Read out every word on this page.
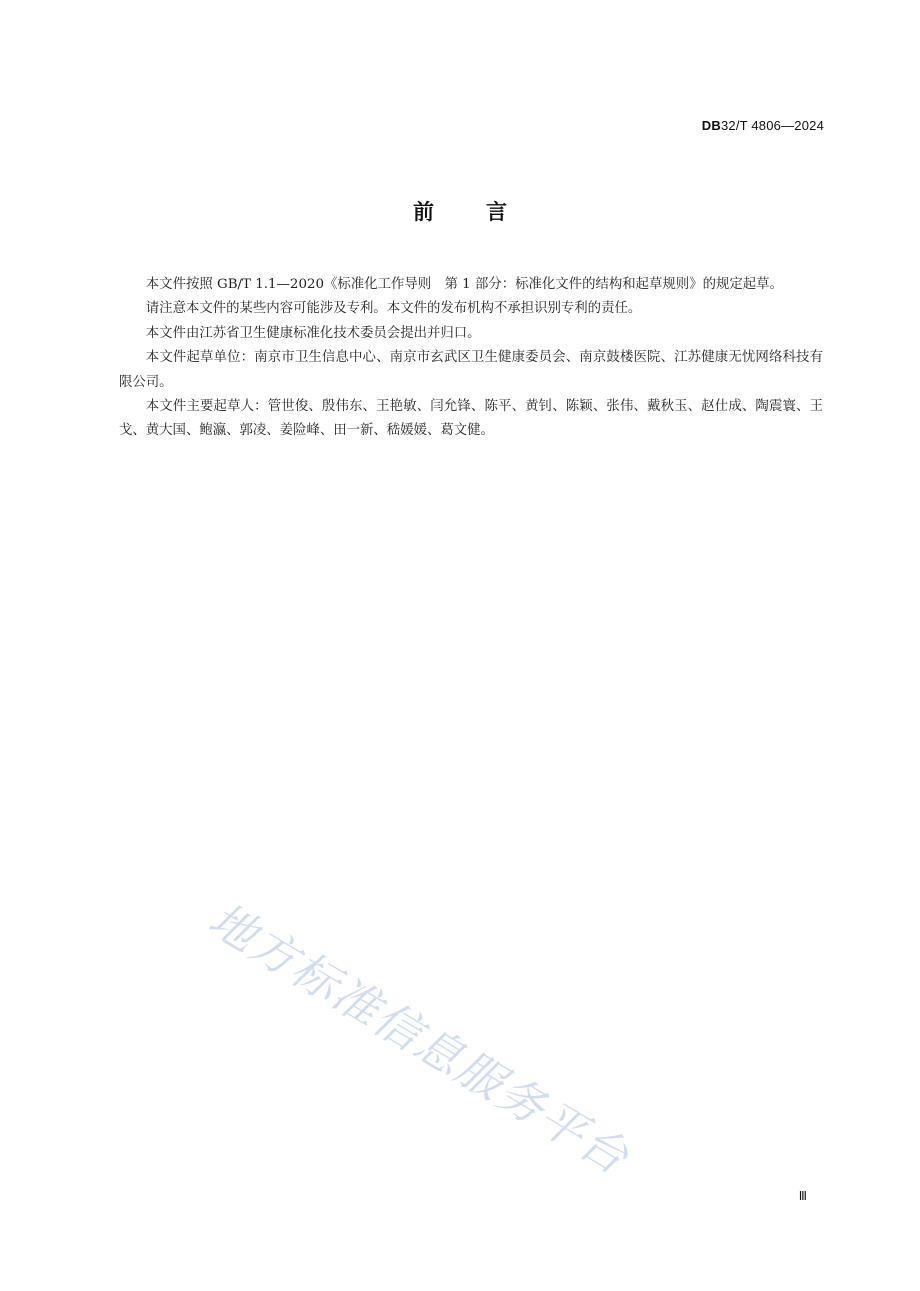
DB32/T 4806—2024
前言

本文件按照 GB/T 1.1—2020《标准化工作导则　第 1 部分：标准化文件的结构和起草规则》的规定起草。

请注意本文件的某些内容可能涉及专利。本文件的发布机构不承担识别专利的责任。

本文件由江苏省卫生健康标准化技术委员会提出并归口。

本文件起草单位：南京市卫生信息中心、南京市玄武区卫生健康委员会、南京鼓楼医院、江苏健康无忧网络科技有限公司。

本文件主要起草人：管世俊、殷伟东、王艳敏、闫允锋、陈平、黄钊、陈颖、张伟、戴秋玉、赵仕成、陶震寰、王戈、黄大国、鲍瀛、郭凌、姜险峰、田一新、嵇媛媛、葛文健。

地方标准信息服务平台
Ⅲ
